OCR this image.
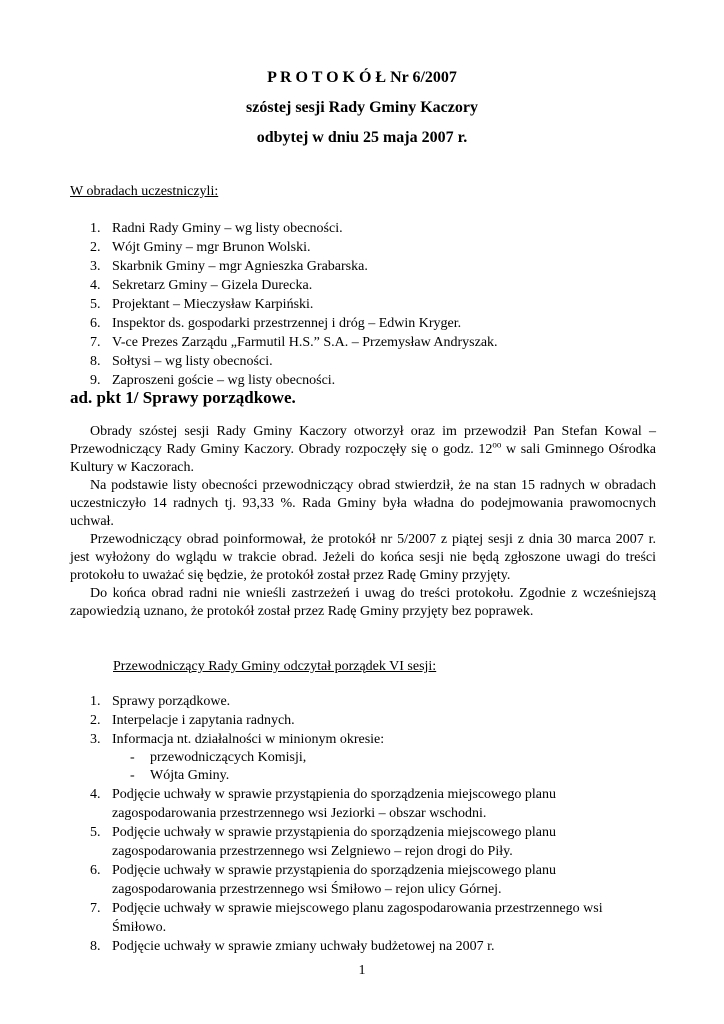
P R O T O K Ó Ł Nr 6/2007
szóstej sesji Rady Gminy Kaczory
odbytej w dniu 25 maja 2007 r.
W obradach uczestniczyli:
1. Radni Rady Gminy – wg listy obecności.
2. Wójt Gminy – mgr Brunon Wolski.
3. Skarbnik Gminy – mgr Agnieszka Grabarska.
4. Sekretarz Gminy – Gizela Durecka.
5. Projektant – Mieczysław Karpiński.
6. Inspektor ds. gospodarki przestrzennej i dróg – Edwin Kryger.
7. V-ce Prezes Zarządu „Farmutil H.S.” S.A. – Przemysław Andryszak.
8. Sołtysi – wg listy obecności.
9. Zaproszeni goście – wg listy obecności.
ad. pkt 1/ Sprawy porządkowe.

Obrady szóstej sesji Rady Gminy Kaczory otworzył oraz im przewodził Pan Stefan Kowal – Przewodniczący Rady Gminy Kaczory. Obrady rozpoczęły się o godz. $12^{oo}$ w sali Gminnego Ośrodka Kultury w Kaczorach.

Na podstawie listy obecności przewodniczący obrad stwierdził, że na stan 15 radnych w obradach uczestniczyło 14 radnych tj. 93,33 %. Rada Gminy była władna do podejmowania prawomocnych uchwał.

Przewodniczący obrad poinformował, że protokół nr 5/2007 z piątej sesji z dnia 30 marca 2007 r. jest wyłożony do wglądu w trakcie obrad. Jeżeli do końca sesji nie będą zgłoszone uwagi do treści protokołu to uważać się będzie, że protokół został przez Radę Gminy przyjęty.

Do końca obrad radni nie wnieśli zastrzeżeń i uwag do treści protokołu. Zgodnie z wcześniejszą zapowiedzią uznano, że protokół został przez Radę Gminy przyjęty bez poprawek.

Przewodniczący Rady Gminy odczytał porządek VI sesji:
1. Sprawy porządkowe.
2. Interpelacje i zapytania radnych.
3. Informacja nt. działalności w minionym okresie:
- przewodniczących Komisji,
- Wójta Gminy.
4. Podjęcie uchwały w sprawie przystąpienia do sporządzenia miejscowego planu zagospodarowania przestrzennego wsi Jeziorki – obszar wschodni.
5. Podjęcie uchwały w sprawie przystąpienia do sporządzenia miejscowego planu zagospodarowania przestrzennego wsi Zelgniewo – rejon drogi do Piły.
6. Podjęcie uchwały w sprawie przystąpienia do sporządzenia miejscowego planu zagospodarowania przestrzennego wsi Śmiłowo – rejon ulicy Górnej.
7. Podjęcie uchwały w sprawie miejscowego planu zagospodarowania przestrzennego wsi Śmiłowo.
8. Podjęcie uchwały w sprawie zmiany uchwały budżetowej na 2007 r.
1
